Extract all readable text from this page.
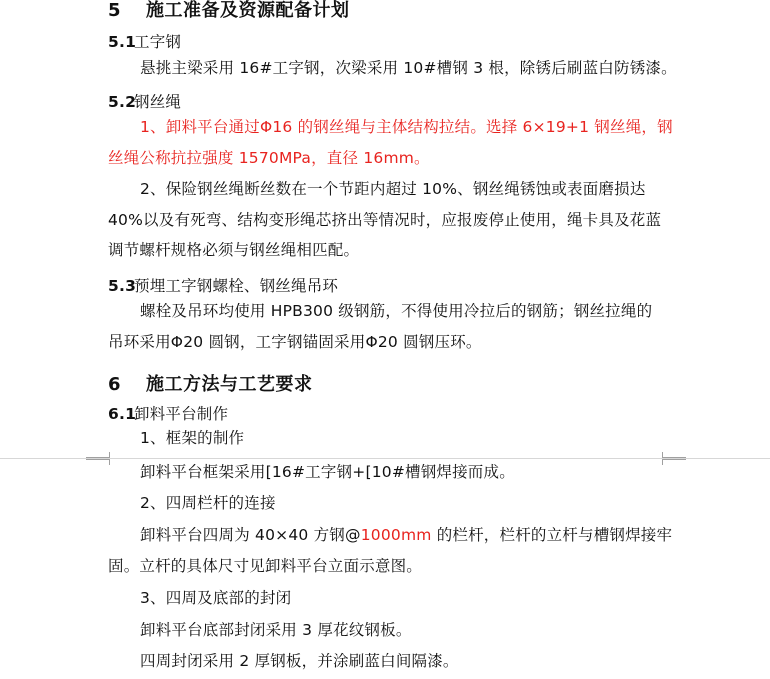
5 施工准备及资源配备计划
5.1工字钢
悬挑主梁采用 16#工字钢，次梁采用 10#槽钢 3 根，除锈后刷蓝白防锈漆。
5.2钢丝绳
1、卸料平台通过Φ16 的钢丝绳与主体结构拉结。选择 6×19+1 钢丝绳，钢
丝绳公称抗拉强度 1570MPa，直径 16mm。
2、保险钢丝绳断丝数在一个节距内超过 10%、钢丝绳锈蚀或表面磨损达
40%以及有死弯、结构变形绳芯挤出等情况时，应报废停止使用，绳卡具及花蓝
调节螺杆规格必须与钢丝绳相匹配。
5.3预埋工字钢螺栓、钢丝绳吊环
螺栓及吊环均使用 HPB300 级钢筋，不得使用冷拉后的钢筋；钢丝拉绳的
吊环采用Φ20 圆钢，工字钢锚固采用Φ20 圆钢压环。
6 施工方法与工艺要求
6.1卸料平台制作
1、框架的制作
卸料平台框架采用[16#工字钢+[10#槽钢焊接而成。
2、四周栏杆的连接
卸料平台四周为 40×40 方钢@1000mm 的栏杆，栏杆的立杆与槽钢焊接牢
固。立杆的具体尺寸见卸料平台立面示意图。
3、四周及底部的封闭
卸料平台底部封闭采用 3 厚花纹钢板。
四周封闭采用 2 厚钢板，并涂刷蓝白间隔漆。
